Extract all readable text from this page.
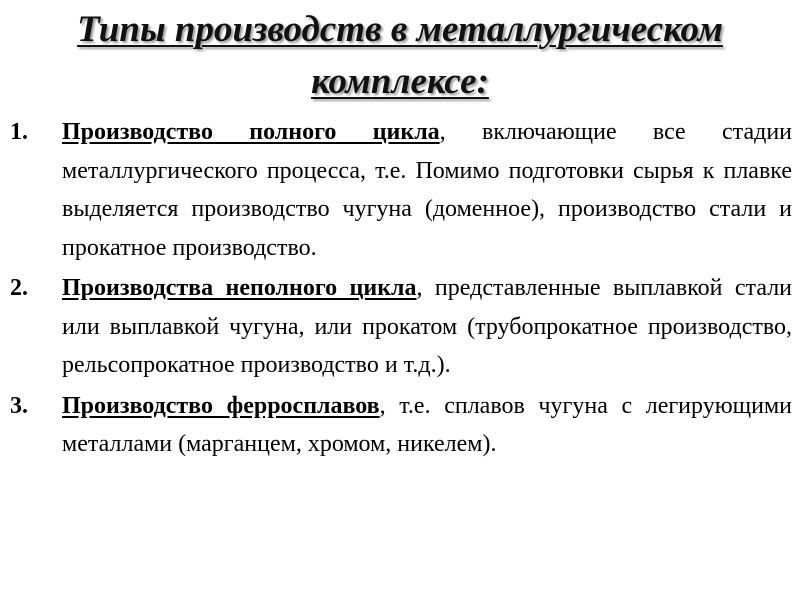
Типы производств в металлургическом
комплексе:
1. Производство полного цикла, включающие все стадии металлургического процесса, т.е. Помимо подготовки сырья к плавке выделяется производство чугуна (доменное), производство стали и прокатное производство.
2. Производства неполного цикла, представленные выплавкой стали или выплавкой чугуна, или прокатом (трубопрокатное производство, рельсопрокатное производство и т.д.).
3. Производство ферросплавов, т.е. сплавов чугуна с легирующими металлами (марганцем, хромом, никелем).
